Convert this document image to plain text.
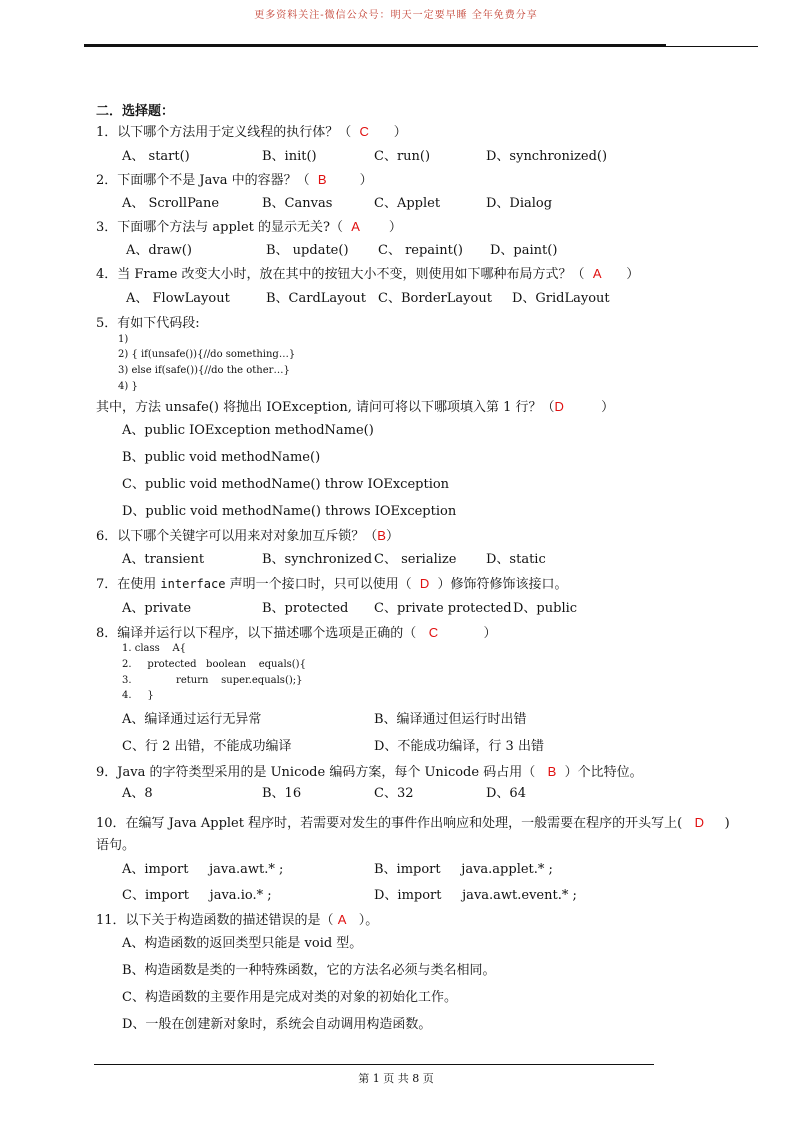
更多资料关注-微信公众号：明天一定要早睡 全年免费分享
二．选择题：
1．以下哪个方法用于定义线程的执行体？（ C ）
A、 start()	B、init()	C、run()	D、synchronized()
2．下面哪个不是 Java 中的容器？（ B	）
A、 ScrollPane	B、Canvas	C、Applet	D、Dialog
3．下面哪个方法与 applet 的显示无关?（ A ）
A、draw()	B、 update() C、 repaint() D、paint()
4．当 Frame 改变大小时，放在其中的按钮大小不变，则使用如下哪种布局方式？（ A ）
A、 FlowLayout	B、CardLayout C、BorderLayout D、GridLayout
5．有如下代码段:
1)
2) { if(unsafe()){//do something…}
3) else if(safe()){//do the other…}
4) }
其中，方法 unsafe() 将抛出 IOException, 请问可将以下哪项填入第 1 行？（D	）
A、public IOException methodName()
B、public void methodName()
C、public void methodName() throw IOException
D、public void methodName() throws IOException
6．以下哪个关键字可以用来对对象加互斥锁？（B）
A、transient	B、synchronized C、 serialize D、static
7．在使用 interface 声明一个接口时，只可以使用（ D ）修饰符修饰该接口。
A、private	B、protected C、private protected D、public
8．编译并运行以下程序，以下描述哪个选项是正确的（ C	）
1. class    A{
2.     protected   boolean    equals(){
3.              return    super.equals();}
4.     }
A、编译通过运行无异常	B、编译通过但运行时出错
C、行 2 出错，不能成功编译	D、不能成功编译，行 3 出错
9．Java 的字符类型采用的是 Unicode 编码方案，每个 Unicode 码占用（ B ）个比特位。
A、8	B、16	C、32	D、64
10．在编写 Java Applet 程序时，若需要对发生的事件作出响应和处理，一般需要在程序的开头写上( D )
语句。
A、import     java.awt.* ;	B、import     java.applet.* ;
C、import     java.io.* ;	D、import     java.awt.event.* ;
11．以下关于构造函数的描述错误的是（ A ）。
A、构造函数的返回类型只能是 void 型。
B、构造函数是类的一种特殊函数，它的方法名必须与类名相同。
C、构造函数的主要作用是完成对类的对象的初始化工作。
D、一般在创建新对象时，系统会自动调用构造函数。
第 1 页 共 8 页
